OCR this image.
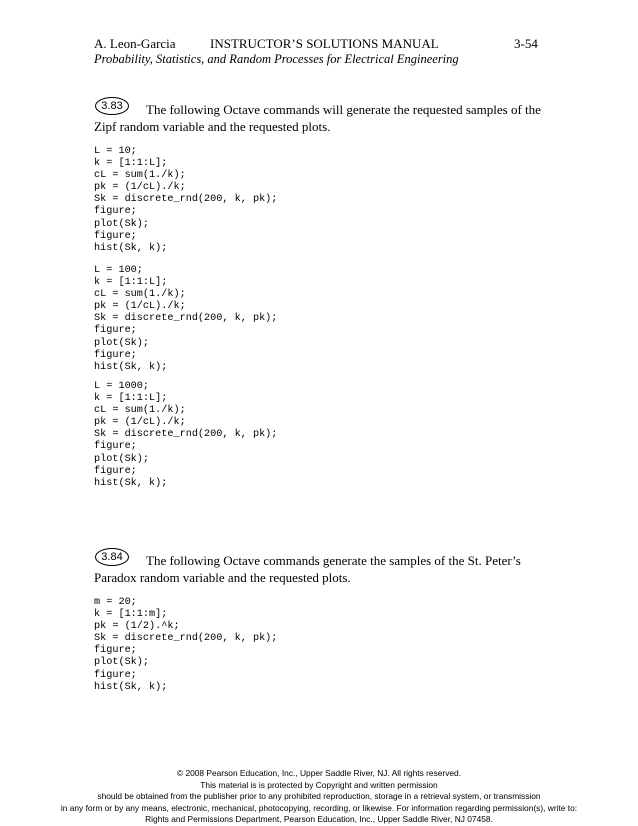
A. Leon-Garcia	INSTRUCTOR’S SOLUTIONS MANUAL	3-54
Probability, Statistics, and Random Processes for Electrical Engineering
3.83	The following Octave commands will generate the requested samples of the
Zipf random variable and the requested plots.
L = 10;
k = [1:1:L];
cL = sum(1./k);
pk = (1/cL)./k;
Sk = discrete_rnd(200, k, pk);
figure;
plot(Sk);
figure;
hist(Sk, k);
L = 100;
k = [1:1:L];
cL = sum(1./k);
pk = (1/cL)./k;
Sk = discrete_rnd(200, k, pk);
figure;
plot(Sk);
figure;
hist(Sk, k);
L = 1000;
k = [1:1:L];
cL = sum(1./k);
pk = (1/cL)./k;
Sk = discrete_rnd(200, k, pk);
figure;
plot(Sk);
figure;
hist(Sk, k);
3.84	The following Octave commands generate the samples of the St. Peter’s
Paradox random variable and the requested plots.
m = 20;
k = [1:1:m];
pk = (1/2).^k;
Sk = discrete_rnd(200, k, pk);
figure;
plot(Sk);
figure;
hist(Sk, k);
© 2008 Pearson Education, Inc., Upper Saddle River, NJ. All rights reserved.
This material is is protected by Copyright and written permission
should be obtained from the publisher prior to any prohibited reproduction, storage in a retrieval system, or transmission
in any form or by any means, electronic, mechanical, photocopying, recording, or likewise. For information regarding permission(s), write to:
Rights and Permissions Department, Pearson Education, Inc., Upper Saddle River, NJ 07458.
